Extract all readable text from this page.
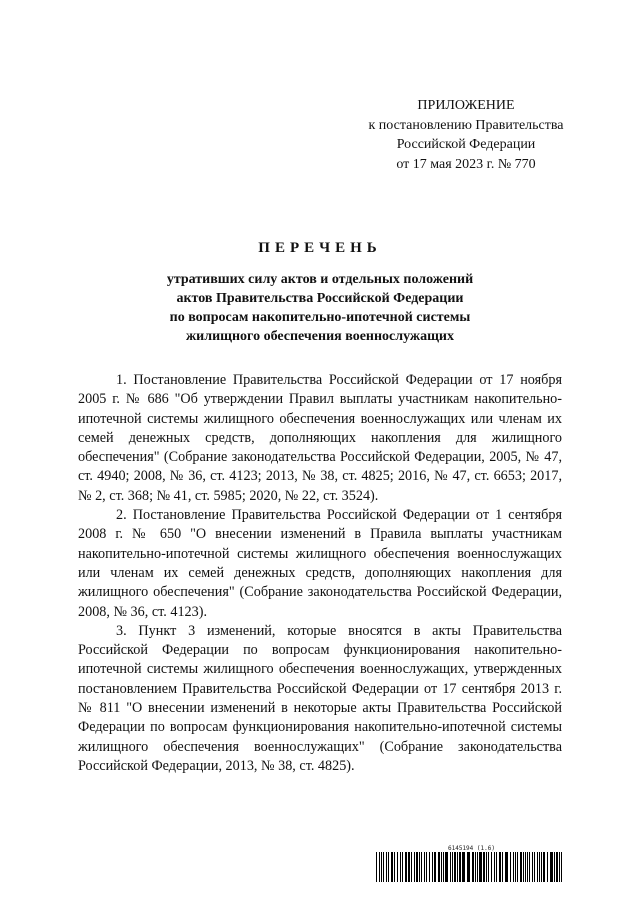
ПРИЛОЖЕНИЕ
к постановлению Правительства
Российской Федерации
от 17 мая 2023 г. № 770
ПЕРЕЧЕНЬ
утративших силу актов и отдельных положений
актов Правительства Российской Федерации
по вопросам накопительно-ипотечной системы
жилищного обеспечения военнослужащих

1. Постановление Правительства Российской Федерации от 17 ноября 2005 г. № 686 "Об утверждении Правил выплаты участникам накопительно-ипотечной системы жилищного обеспечения военнослужащих или членам их семей денежных средств, дополняющих накопления для жилищного обеспечения" (Собрание законодательства Российской Федерации, 2005, № 47, ст. 4940; 2008, № 36, ст. 4123; 2013, № 38, ст. 4825; 2016, № 47, ст. 6653; 2017, № 2, ст. 368; № 41, ст. 5985; 2020, № 22, ст. 3524).

2. Постановление Правительства Российской Федерации от 1 сентября 2008 г. № 650 "О внесении изменений в Правила выплаты участникам накопительно-ипотечной системы жилищного обеспечения военнослужащих или членам их семей денежных средств, дополняющих накопления для жилищного обеспечения" (Собрание законодательства Российской Федерации, 2008, № 36, ст. 4123).

3. Пункт 3 изменений, которые вносятся в акты Правительства Российской Федерации по вопросам функционирования накопительно-ипотечной системы жилищного обеспечения военнослужащих, утвержденных постановлением Правительства Российской Федерации от 17 сентября 2013 г. № 811 "О внесении изменений в некоторые акты Правительства Российской Федерации по вопросам функционирования накопительно-ипотечной системы жилищного обеспечения военнослужащих" (Собрание законодательства Российской Федерации, 2013, № 38, ст. 4825).

6145194 (1.6)
